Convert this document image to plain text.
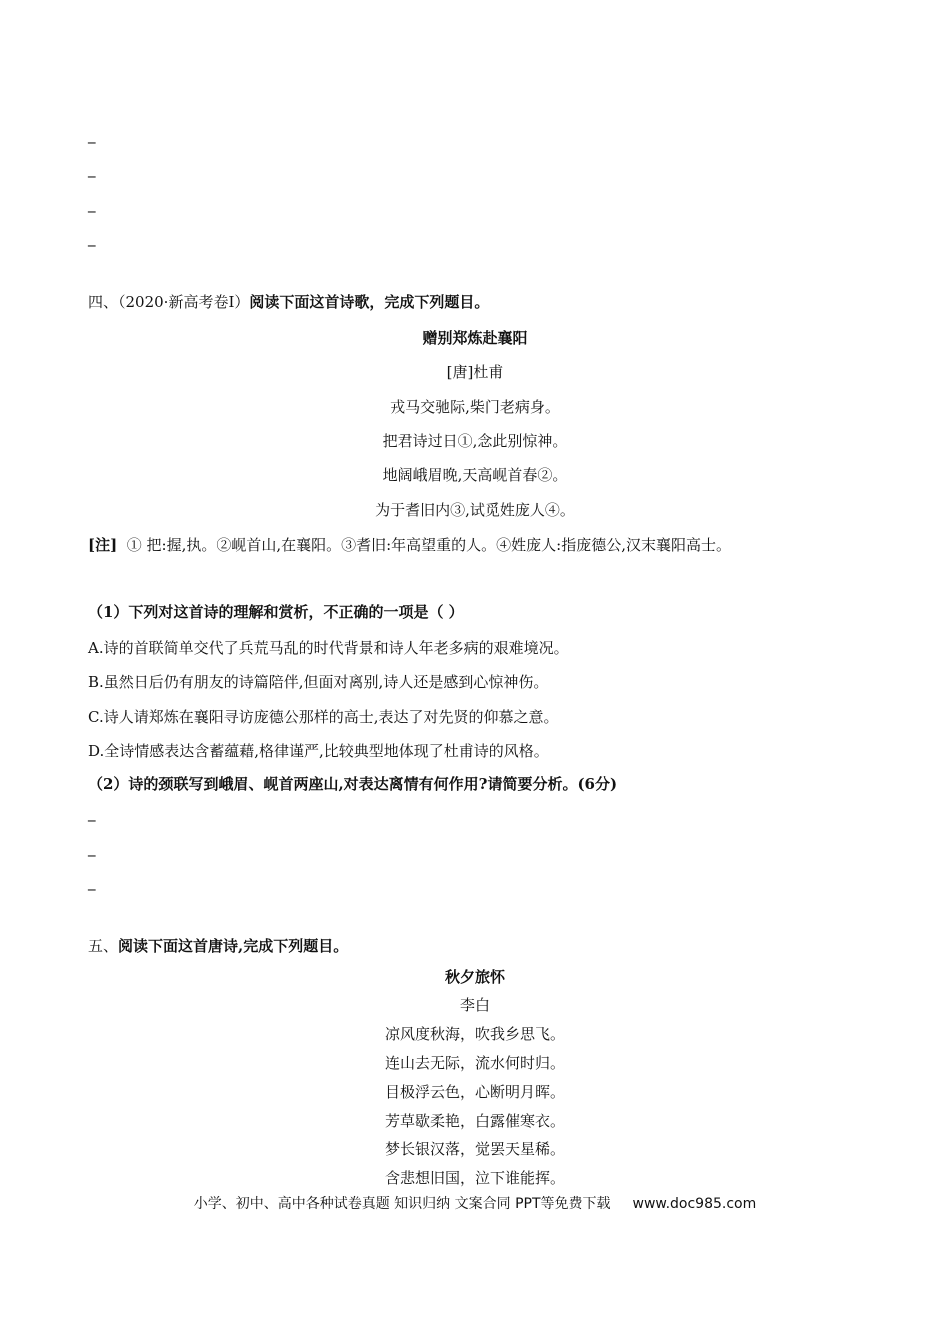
_
_
_
_
四、（2020·新高考卷Ⅰ）阅读下面这首诗歌，完成下列题目。
赠别郑炼赴襄阳
[唐]杜甫
戎马交驰际,柴门老病身。
把君诗过日①,念此别惊神。
地阔峨眉晚,天高岘首春②。
为于耆旧内③,试觅姓庞人④。
[注] ① 把:握,执。②岘首山,在襄阳。③耆旧:年高望重的人。④姓庞人:指庞德公,汉末襄阳高士。
（1）下列对这首诗的理解和赏析，不正确的一项是（ ）
A.诗的首联简单交代了兵荒马乱的时代背景和诗人年老多病的艰难境况。
B.虽然日后仍有朋友的诗篇陪伴,但面对离别,诗人还是感到心惊神伤。
C.诗人请郑炼在襄阳寻访庞德公那样的高士,表达了对先贤的仰慕之意。
D.全诗情感表达含蓄蕴藉,格律谨严,比较典型地体现了杜甫诗的风格。
（2）诗的颈联写到峨眉、岘首两座山,对表达离情有何作用?请简要分析。(6分)
_
_
_
五、阅读下面这首唐诗,完成下列题目。
秋夕旅怀
李白
凉风度秋海，吹我乡思飞。
连山去无际，流水何时归。
目极浮云色，心断明月晖。
芳草歇柔艳，白露催寒衣。
梦长银汉落，觉罢天星稀。
含悲想旧国，泣下谁能挥。
小学、初中、高中各种试卷真题 知识归纳 文案合同 PPT等免费下载 www.doc985.com
